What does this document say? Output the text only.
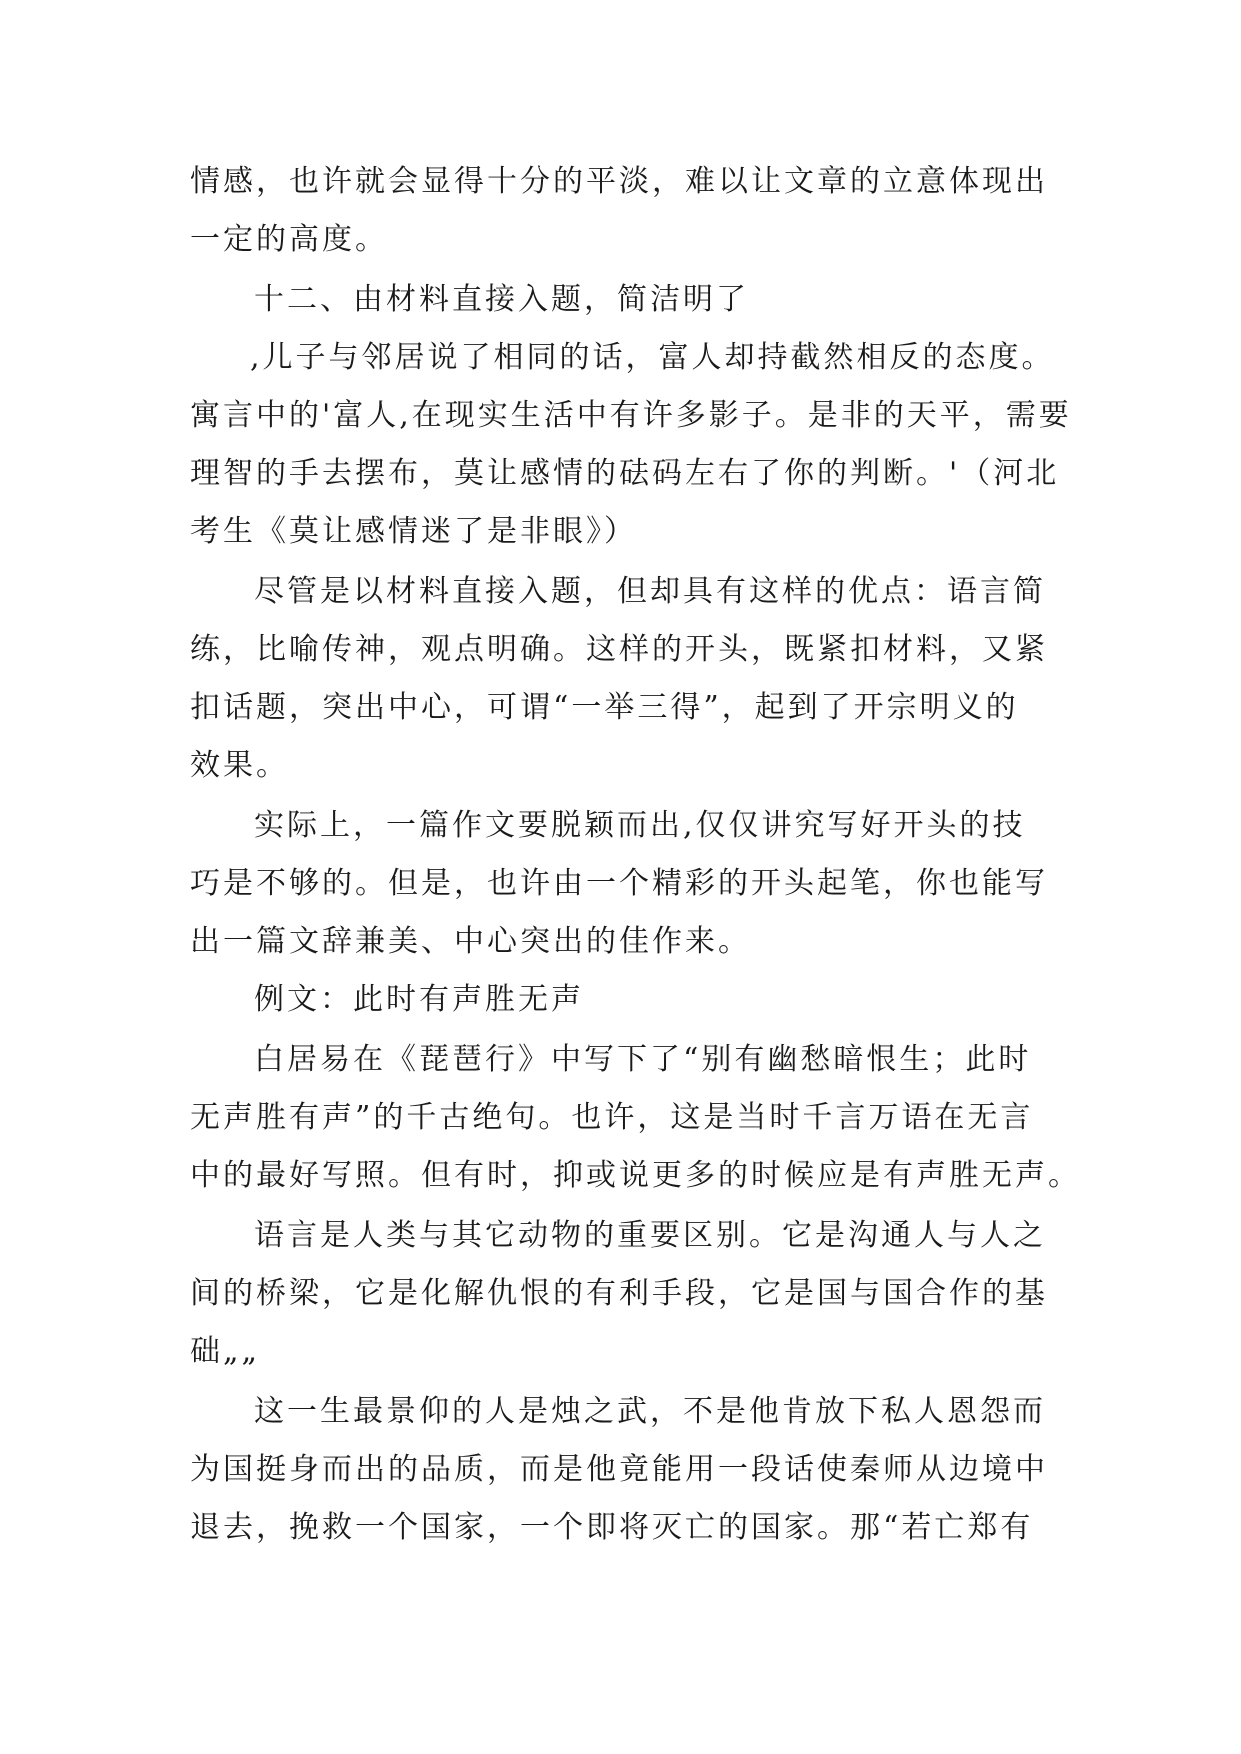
情感，也许就会显得十分的平淡，难以让文章的立意体现出
一定的高度。
十二、由材料直接入题，简洁明了
,儿子与邻居说了相同的话，富人却持截然相反的态度。
寓言中的'富人,在现实生活中有许多影子。是非的天平，需要
理智的手去摆布，莫让感情的砝码左右了你的判断。'（河北
考生《莫让感情迷了是非眼》）
尽管是以材料直接入题，但却具有这样的优点：语言简
练，比喻传神，观点明确。这样的开头，既紧扣材料，又紧
扣话题，突出中心，可谓“一举三得”，起到了开宗明义的
效果。
实际上，一篇作文要脱颖而出,仅仅讲究写好开头的技
巧是不够的。但是，也许由一个精彩的开头起笔，你也能写
出一篇文辞兼美、中心突出的佳作来。
例文：此时有声胜无声
白居易在《琵琶行》中写下了“别有幽愁暗恨生；此时
无声胜有声”的千古绝句。也许，这是当时千言万语在无言
中的最好写照。但有时，抑或说更多的时候应是有声胜无声。
语言是人类与其它动物的重要区别。它是沟通人与人之
间的桥梁，它是化解仇恨的有利手段，它是国与国合作的基
础„„
这一生最景仰的人是烛之武，不是他肯放下私人恩怨而
为国挺身而出的品质，而是他竟能用一段话使秦师从边境中
退去，挽救一个国家，一个即将灭亡的国家。那“若亡郑有
